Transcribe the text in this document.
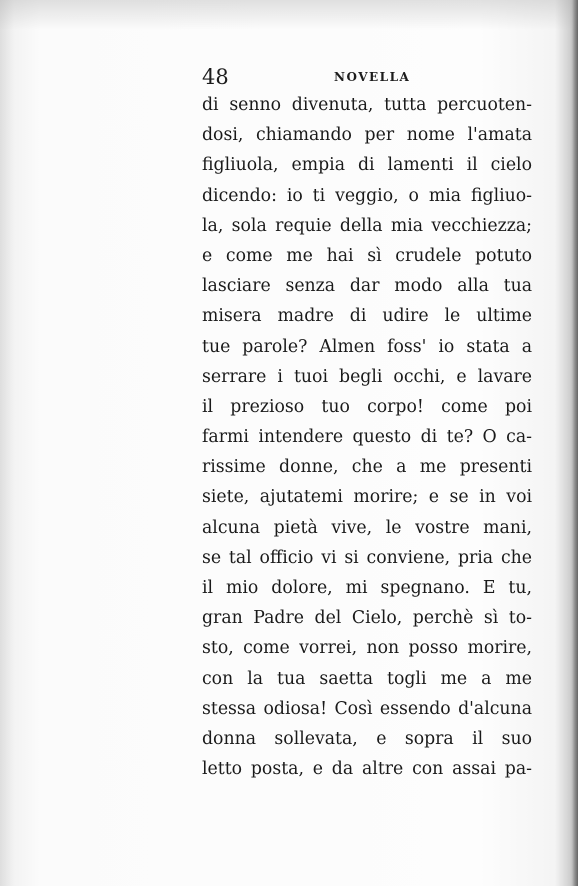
48	NOVELLA
di senno divenuta, tutta percuoten-
dosi, chiamando per nome l'amata
figliuola, empia di lamenti il cielo
dicendo: io ti veggio, o mia figliuo-
la, sola requie della mia vecchiezza;
e come me hai sì crudele potuto
lasciare senza dar modo alla tua
misera madre di udire le ultime
tue parole? Almen foss' io stata a
serrare i tuoi begli occhi, e lavare
il prezioso tuo corpo! come poi
farmi intendere questo di te? O ca-
rissime donne, che a me presenti
siete, ajutatemi morire; e se in voi
alcuna pietà vive, le vostre mani,
se tal officio vi si conviene, pria che
il mio dolore, mi spegnano. E tu,
gran Padre del Cielo, perchè sì to-
sto, come vorrei, non posso morire,
con la tua saetta togli me a me
stessa odiosa! Così essendo d'alcuna
donna sollevata, e sopra il suo
letto posta, e da altre con assai pa-
